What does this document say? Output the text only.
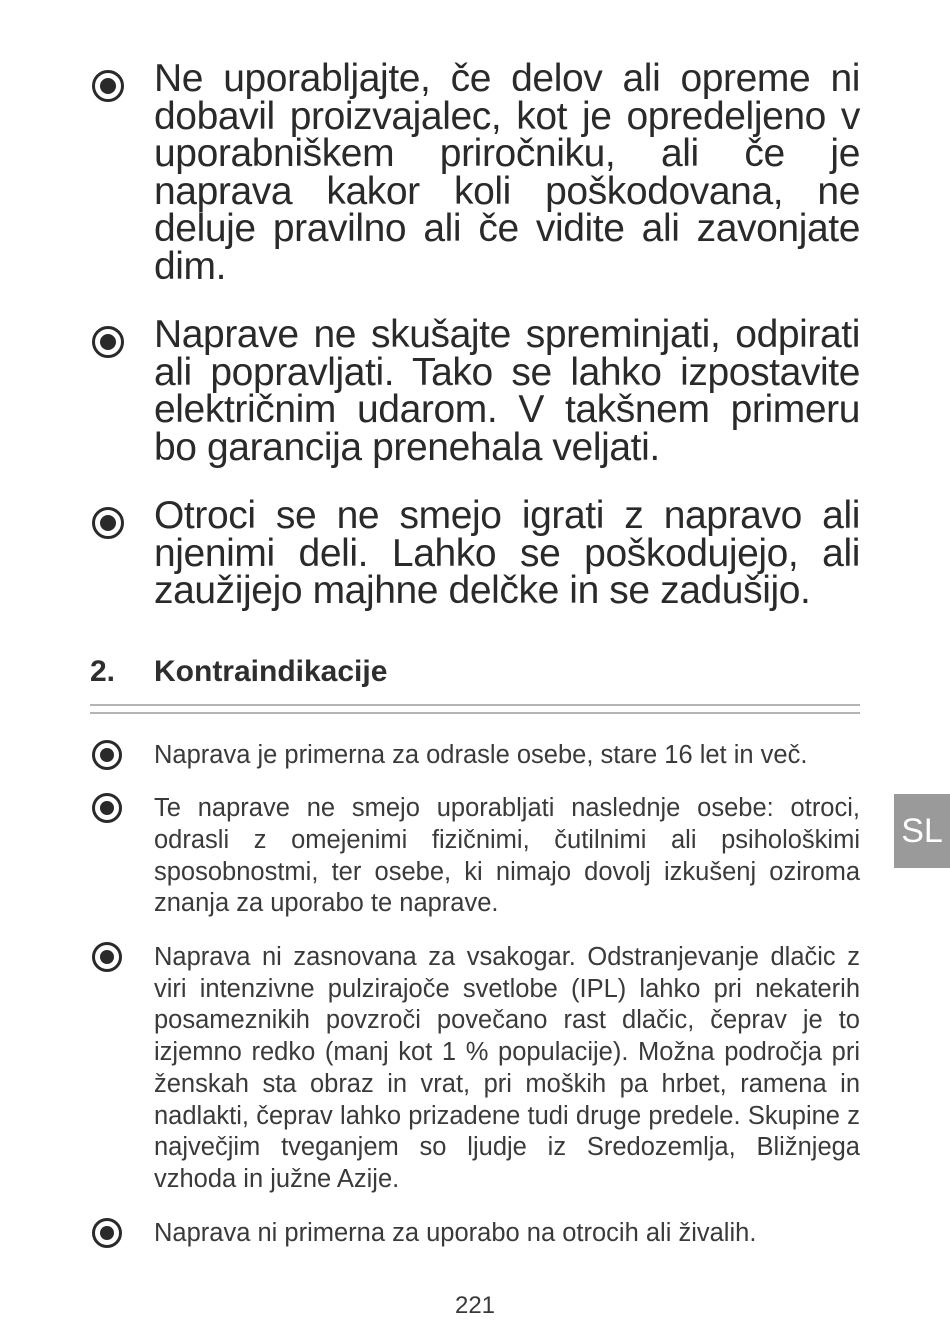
Ne uporabljajte, če delov ali opreme ni dobavil proizvajalec, kot je opredeljeno v uporabniškem priročniku, ali če je naprava kakor koli poškodovana, ne deluje pravilno ali če vidite ali zavonjate dim.

Naprave ne skušajte spreminjati, odpirati ali popravljati. Tako se lahko izpostavite električnim udarom. V takšnem primeru bo garancija prenehala veljati.

Otroci se ne smejo igrati z napravo ali njenimi deli. Lahko se poškodujejo, ali zaužijejo majhne delčke in se zadušijo.

2.	Kontraindikacije

Naprava je primerna za odrasle osebe, stare 16 let in več.

Te naprave ne smejo uporabljati naslednje osebe: otroci, odrasli z omejenimi fizičnimi, čutilnimi ali psihološkimi sposobnostmi, ter osebe, ki nimajo dovolj izkušenj oziroma znanja za uporabo te naprave.

Naprava ni zasnovana za vsakogar. Odstranjevanje dlačic z viri intenzivne pulzirajoče svetlobe (IPL) lahko pri nekaterih posameznikih povzroči povečano rast dlačic, čeprav je to izjemno redko (manj kot 1 % populacije). Možna področja pri ženskah sta obraz in vrat, pri moških pa hrbet, ramena in nadlakti, čeprav lahko prizadene tudi druge predele. Skupine z največjim tveganjem so ljudje iz Sredozemlja, Bližnjega vzhoda in južne Azije.

Naprava ni primerna za uporabo na otrocih ali živalih.

SL
221
